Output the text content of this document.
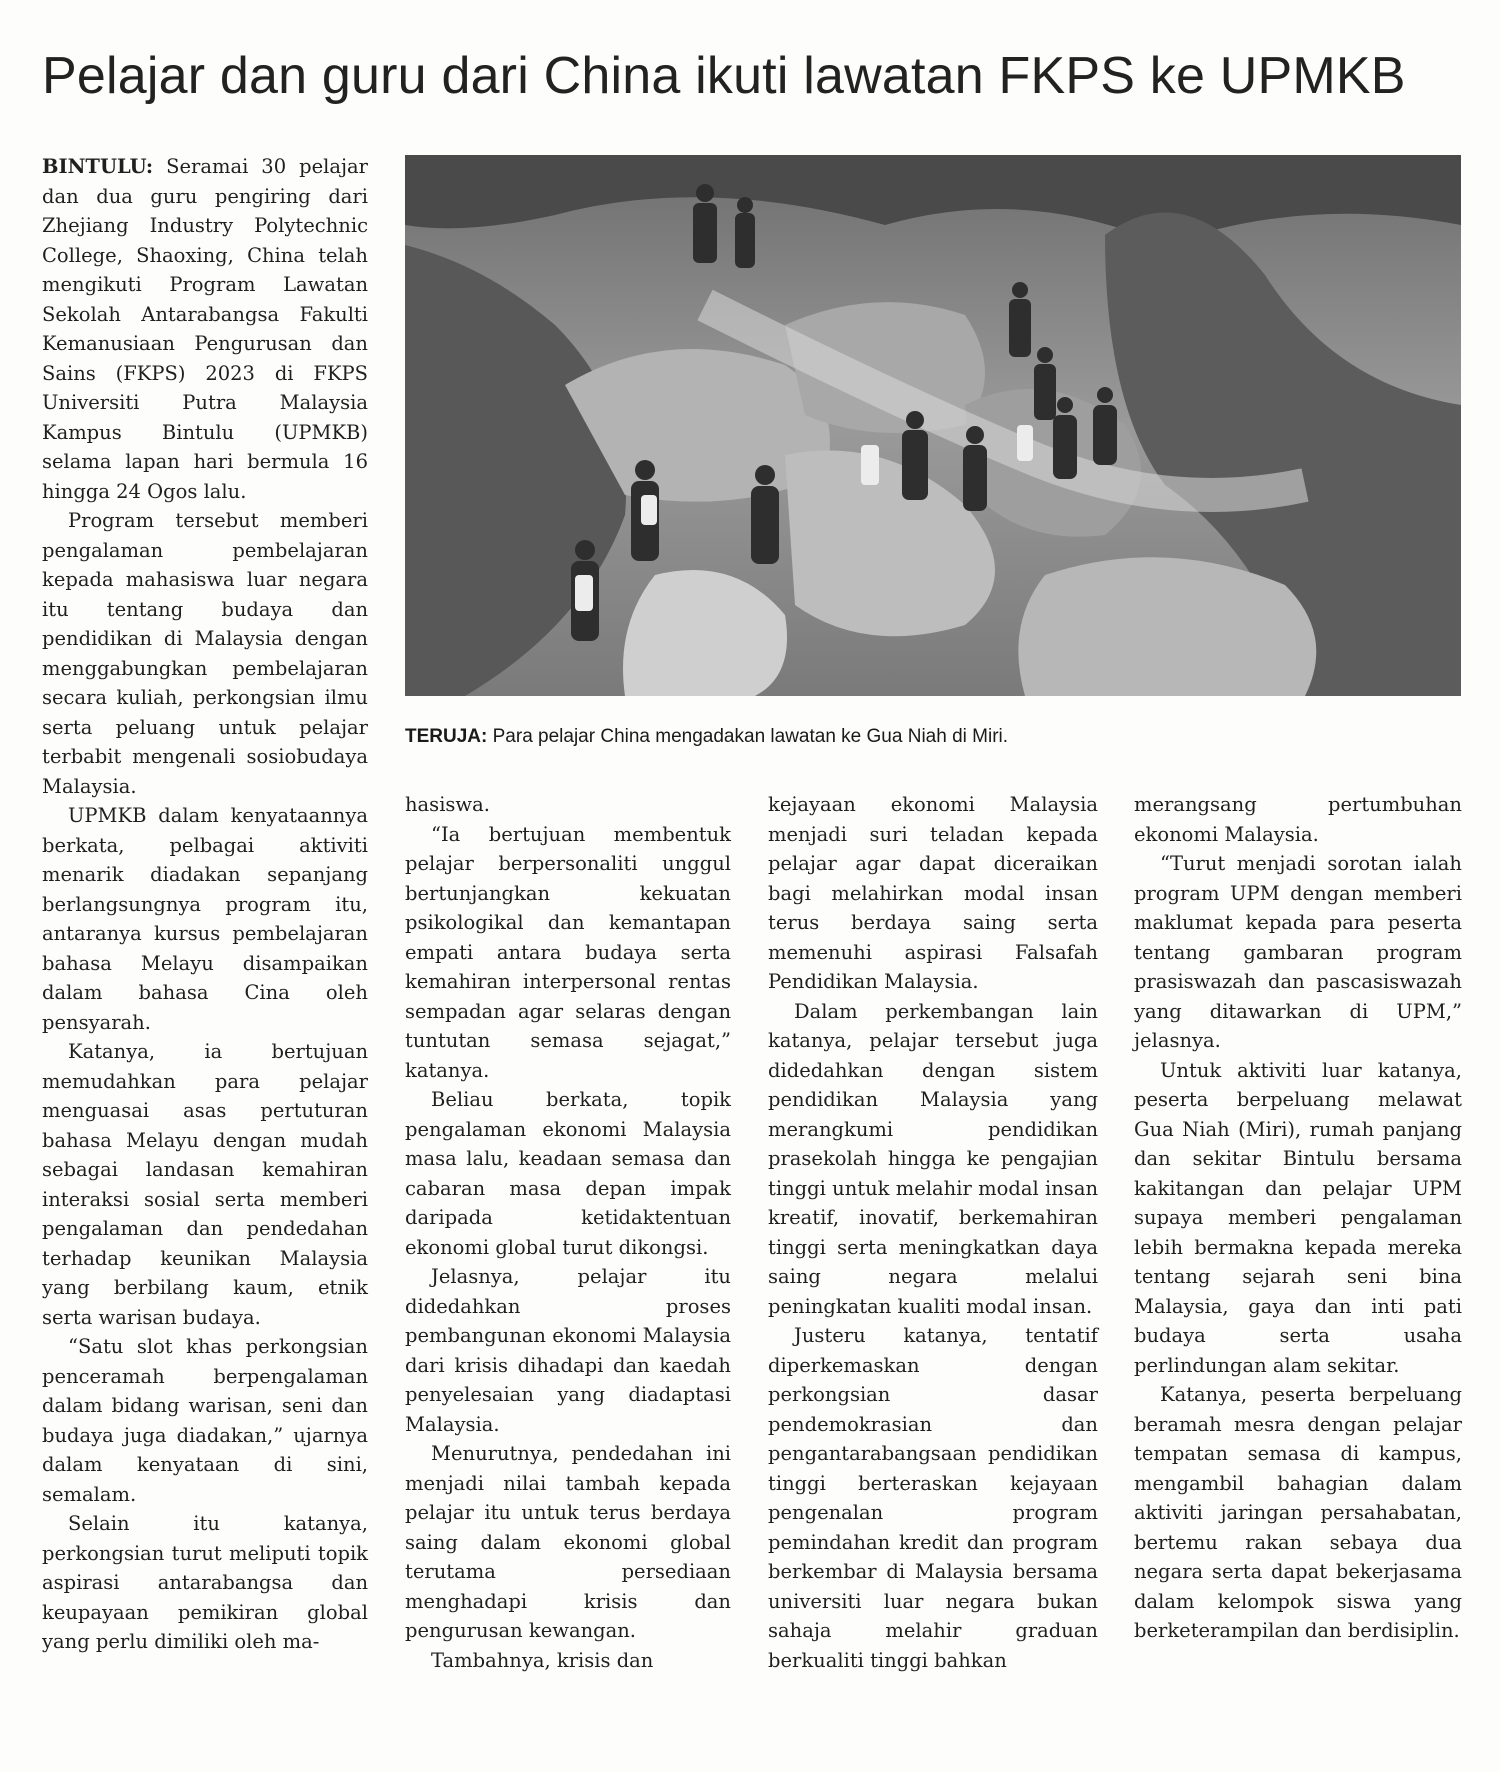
Pelajar dan guru dari China ikuti lawatan FKPS ke UPMKB

TERUJA: Para pelajar China mengadakan lawatan ke Gua Niah di Miri.

BINTULU: Seramai 30 pelajar dan dua guru pengiring dari Zhejiang Industry Polytechnic College, Shaoxing, China telah mengikuti Program Lawatan Sekolah Antarabangsa Fakulti Kemanusiaan Pengurusan dan Sains (FKPS) 2023 di FKPS Universiti Putra Malaysia Kampus Bintulu (UPMKB) selama lapan hari bermula 16 hingga 24 Ogos lalu.

Program tersebut memberi pengalaman pembelajaran kepada mahasiswa luar negara itu tentang budaya dan pendidikan di Malaysia dengan menggabungkan pembelajaran secara kuliah, perkongsian ilmu serta peluang untuk pelajar terbabit mengenali sosiobudaya Malaysia.

UPMKB dalam kenyataannya berkata, pelbagai aktiviti menarik diadakan sepanjang berlangsungnya program itu, antaranya kursus pembelajaran bahasa Melayu disampaikan dalam bahasa Cina oleh pensyarah.

Katanya, ia bertujuan memudahkan para pelajar menguasai asas pertuturan bahasa Melayu dengan mudah sebagai landasan kemahiran interaksi sosial serta memberi pengalaman dan pendedahan terhadap keunikan Malaysia yang berbilang kaum, etnik serta warisan budaya.

“Satu slot khas perkongsian penceramah berpengalaman dalam bidang warisan, seni dan budaya juga diadakan,” ujarnya dalam kenyataan di sini, semalam.

Selain itu katanya, perkongsian turut meliputi topik aspirasi antarabangsa dan keupayaan pemikiran global yang perlu dimiliki oleh ma-

hasiswa.

“Ia bertujuan membentuk pelajar berpersonaliti unggul bertunjangkan kekuatan psikologikal dan kemantapan empati antara budaya serta kemahiran interpersonal rentas sempadan agar selaras dengan tuntutan semasa sejagat,” katanya.

Beliau berkata, topik pengalaman ekonomi Malaysia masa lalu, keadaan semasa dan cabaran masa depan impak daripada ketidaktentuan ekonomi global turut dikongsi.

Jelasnya, pelajar itu didedahkan proses pembangunan ekonomi Malaysia dari krisis dihadapi dan kaedah penyelesaian yang diadaptasi Malaysia.

Menurutnya, pendedahan ini menjadi nilai tambah kepada pelajar itu untuk terus berdaya saing dalam ekonomi global terutama persediaan menghadapi krisis dan pengurusan kewangan.

Tambahnya, krisis dan

kejayaan ekonomi Malaysia menjadi suri teladan kepada pelajar agar dapat diceraikan bagi melahirkan modal insan terus berdaya saing serta memenuhi aspirasi Falsafah Pendidikan Malaysia.

Dalam perkembangan lain katanya, pelajar tersebut juga didedahkan dengan sistem pendidikan Malaysia yang merangkumi pendidikan prasekolah hingga ke pengajian tinggi untuk melahir modal insan kreatif, inovatif, berkemahiran tinggi serta meningkatkan daya saing negara melalui peningkatan kualiti modal insan.

Justeru katanya, tentatif diperkemaskan dengan perkongsian dasar pendemokrasian dan pengantarabangsaan pendidikan tinggi berteraskan kejayaan pengenalan program pemindahan kredit dan program berkembar di Malaysia bersama universiti luar negara bukan sahaja melahir graduan berkualiti tinggi bahkan

merangsang pertumbuhan ekonomi Malaysia.

“Turut menjadi sorotan ialah program UPM dengan memberi maklumat kepada para peserta tentang gambaran program prasiswazah dan pascasiswazah yang ditawarkan di UPM,” jelasnya.

Untuk aktiviti luar katanya, peserta berpeluang melawat Gua Niah (Miri), rumah panjang dan sekitar Bintulu bersama kakitangan dan pelajar UPM supaya memberi pengalaman lebih bermakna kepada mereka tentang sejarah seni bina Malaysia, gaya dan inti pati budaya serta usaha perlindungan alam sekitar.

Katanya, peserta berpeluang beramah mesra dengan pelajar tempatan semasa di kampus, mengambil bahagian dalam aktiviti jaringan persahabatan, bertemu rakan sebaya dua negara serta dapat bekerjasama dalam kelompok siswa yang berketerampilan dan berdisiplin.
